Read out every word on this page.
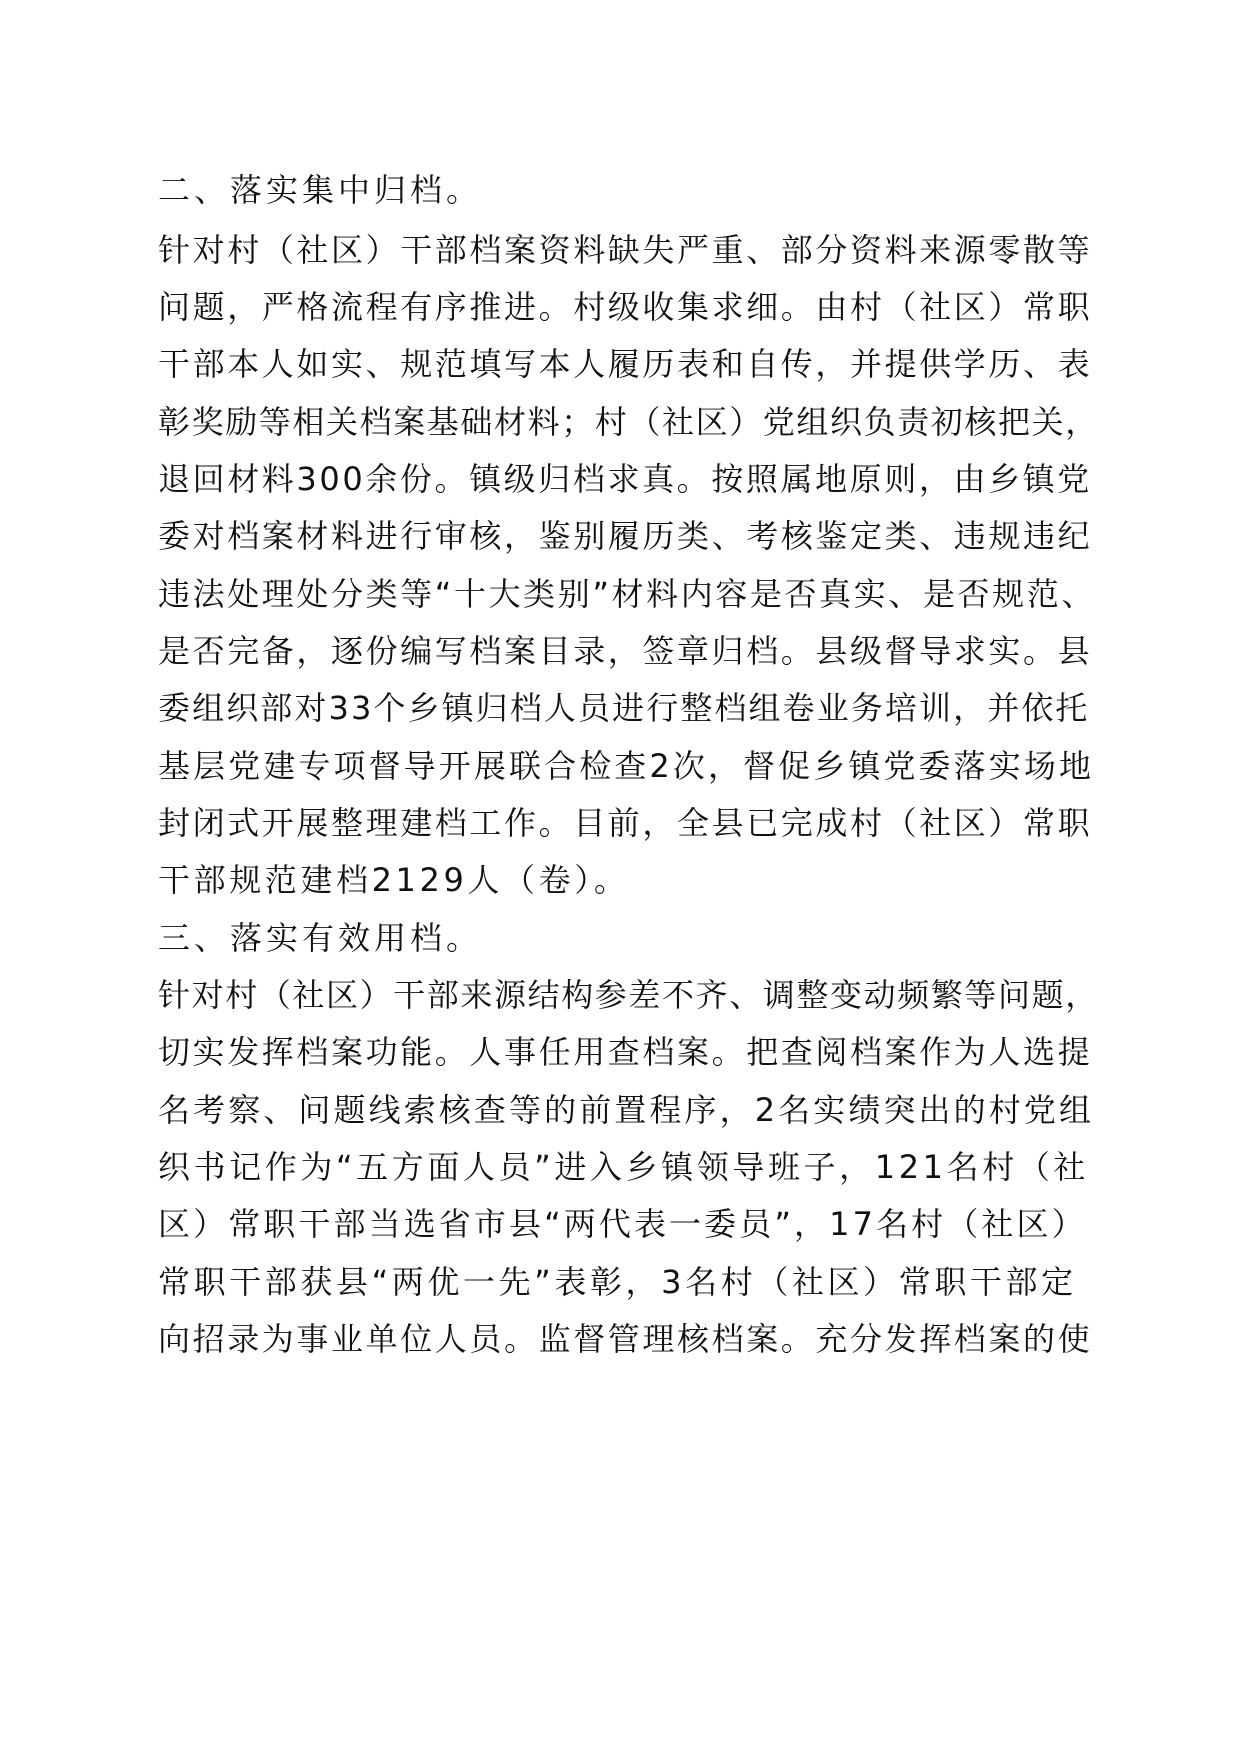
二、落实集中归档。
针对村（社区）干部档案资料缺失严重、部分资料来源零散等
问题，严格流程有序推进。村级收集求细。由村（社区）常职
干部本人如实、规范填写本人履历表和自传，并提供学历、表
彰奖励等相关档案基础材料；村（社区）党组织负责初核把关，
退回材料300余份。镇级归档求真。按照属地原则，由乡镇党
委对档案材料进行审核，鉴别履历类、考核鉴定类、违规违纪
违法处理处分类等“十大类别”材料内容是否真实、是否规范、
是否完备，逐份编写档案目录，签章归档。县级督导求实。县
委组织部对33个乡镇归档人员进行整档组卷业务培训，并依托
基层党建专项督导开展联合检查2次，督促乡镇党委落实场地
封闭式开展整理建档工作。目前，全县已完成村（社区）常职
干部规范建档2129人（卷）。
三、落实有效用档。
针对村（社区）干部来源结构参差不齐、调整变动频繁等问题，
切实发挥档案功能。人事任用查档案。把查阅档案作为人选提
名考察、问题线索核查等的前置程序，2名实绩突出的村党组
织书记作为“五方面人员”进入乡镇领导班子，121名村（社
区）常职干部当选省市县“两代表一委员”，17名村（社区）
常职干部获县“两优一先”表彰，3名村（社区）常职干部定
向招录为事业单位人员。监督管理核档案。充分发挥档案的使
